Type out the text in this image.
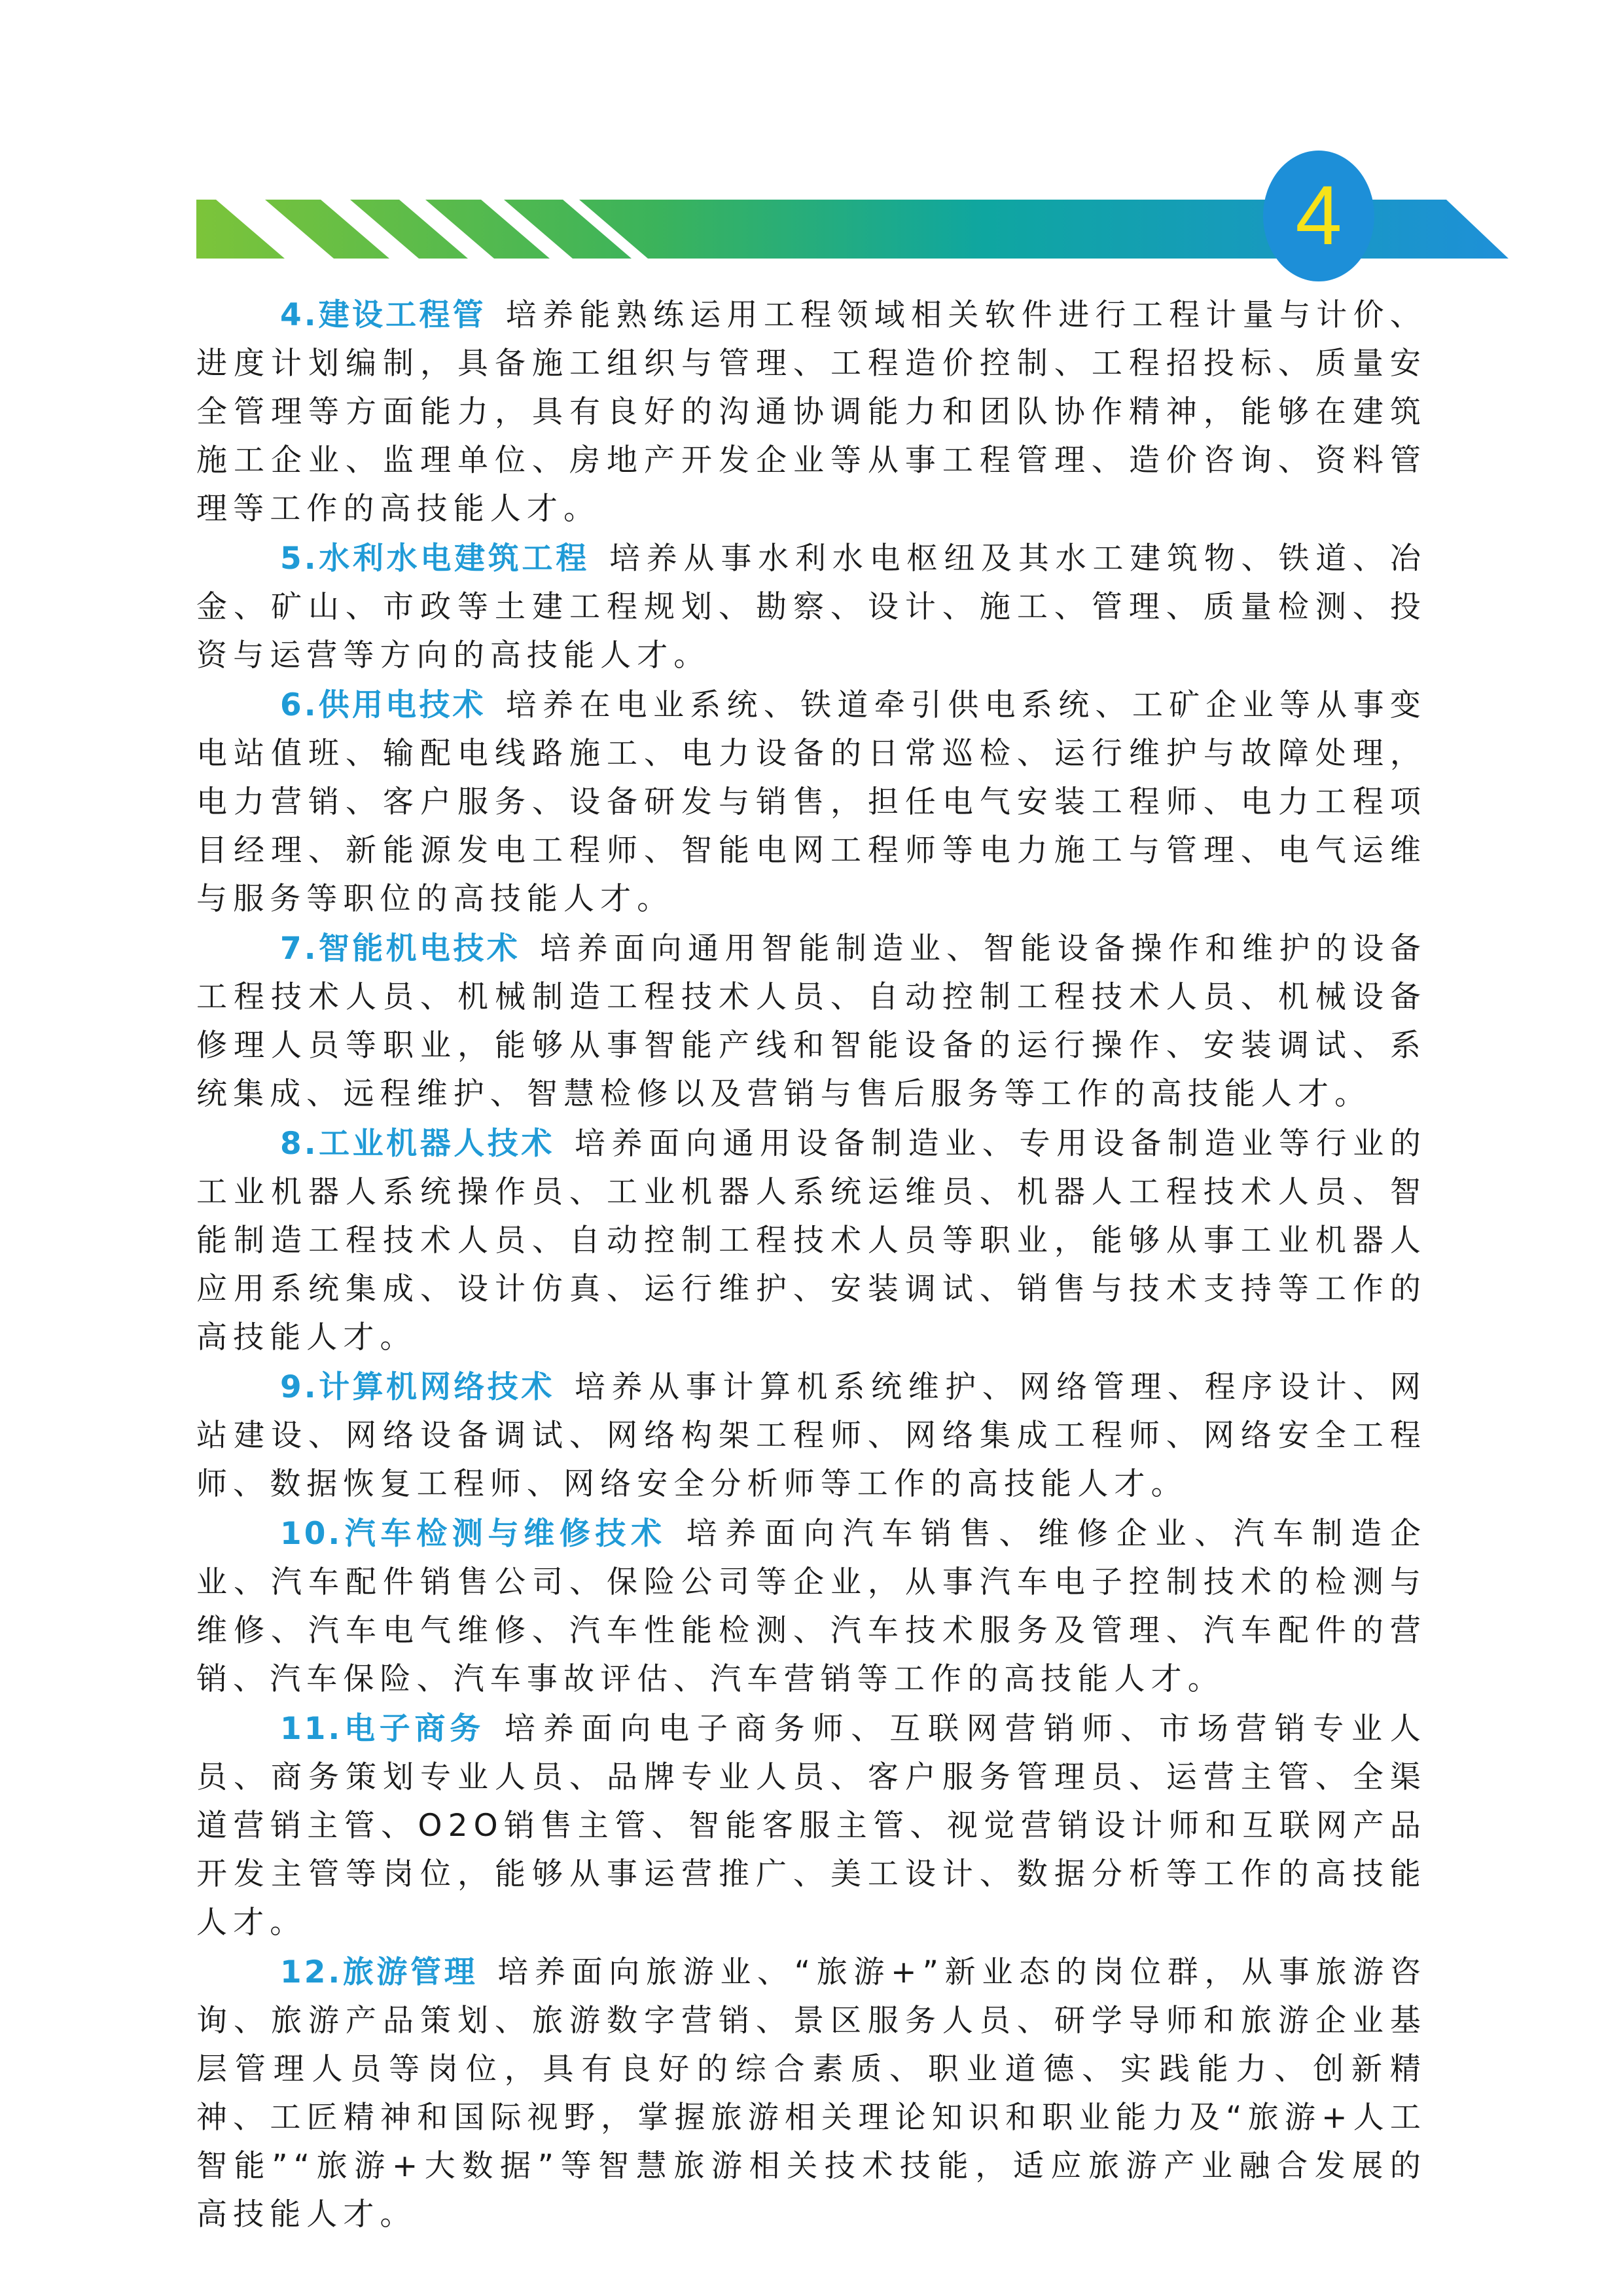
4

4.建设工程管 培养能熟练运用工程领域相关软件进行工程计量与计价、进度计划编制，具备施工组织与管理、工程造价控制、工程招投标、质量安全管理等方面能力，具有良好的沟通协调能力和团队协作精神，能够在建筑施工企业、监理单位、房地产开发企业等从事工程管理、造价咨询、资料管理等工作的高技能人才。

5.水利水电建筑工程 培养从事水利水电枢纽及其水工建筑物、铁道、冶金、矿山、市政等土建工程规划、勘察、设计、施工、管理、质量检测、投资与运营等方向的高技能人才。

6.供用电技术 培养在电业系统、铁道牵引供电系统、工矿企业等从事变电站值班、输配电线路施工、电力设备的日常巡检、运行维护与故障处理，电力营销、客户服务、设备研发与销售，担任电气安装工程师、电力工程项目经理、新能源发电工程师、智能电网工程师等电力施工与管理、电气运维与服务等职位的高技能人才。

7.智能机电技术 培养面向通用智能制造业、智能设备操作和维护的设备工程技术人员、机械制造工程技术人员、自动控制工程技术人员、机械设备修理人员等职业，能够从事智能产线和智能设备的运行操作、安装调试、系统集成、远程维护、智慧检修以及营销与售后服务等工作的高技能人才。

8.工业机器人技术 培养面向通用设备制造业、专用设备制造业等行业的工业机器人系统操作员、工业机器人系统运维员、机器人工程技术人员、智能制造工程技术人员、自动控制工程技术人员等职业，能够从事工业机器人应用系统集成、设计仿真、运行维护、安装调试、销售与技术支持等工作的高技能人才。

9.计算机网络技术 培养从事计算机系统维护、网络管理、程序设计、网站建设、网络设备调试、网络构架工程师、网络集成工程师、网络安全工程师、数据恢复工程师、网络安全分析师等工作的高技能人才。

10.汽车检测与维修技术 培养面向汽车销售、维修企业、汽车制造企业、汽车配件销售公司、保险公司等企业，从事汽车电子控制技术的检测与维修、汽车电气维修、汽车性能检测、汽车技术服务及管理、汽车配件的营销、汽车保险、汽车事故评估、汽车营销等工作的高技能人才。

11.电子商务 培养面向电子商务师、互联网营销师、市场营销专业人员、商务策划专业人员、品牌专业人员、客户服务管理员、运营主管、全渠道营销主管、O2O销售主管、智能客服主管、视觉营销设计师和互联网产品开发主管等岗位，能够从事运营推广、美工设计、数据分析等工作的高技能人才。

12.旅游管理 培养面向旅游业、“旅游+”新业态的岗位群，从事旅游咨询、旅游产品策划、旅游数字营销、景区服务人员、研学导师和旅游企业基层管理人员等岗位，具有良好的综合素质、职业道德、实践能力、创新精神、工匠精神和国际视野，掌握旅游相关理论知识和职业能力及“旅游+人工智能”“旅游+大数据”等智慧旅游相关技术技能，适应旅游产业融合发展的高技能人才。
